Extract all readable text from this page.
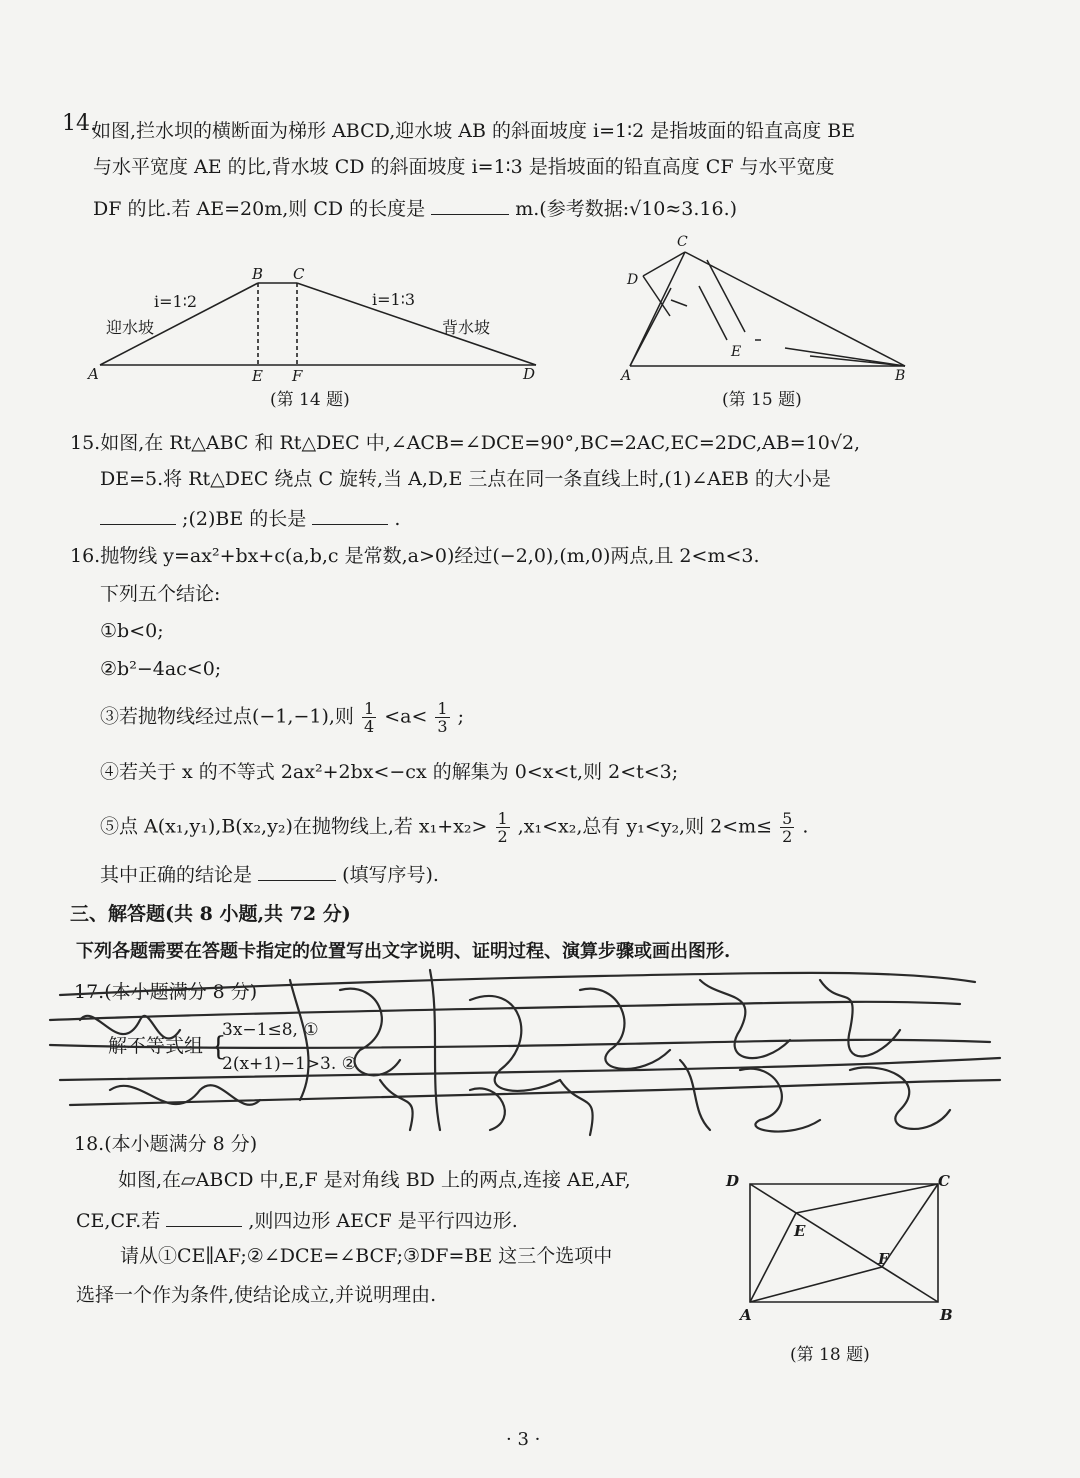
14.
如图,拦水坝的横断面为梯形 ABCD,迎水坡 AB 的斜面坡度 i=1∶2 是指坡面的铅直高度 BE
与水平宽度 AE 的比,背水坡 CD 的斜面坡度 i=1∶3 是指坡面的铅直高度 CF 与水平宽度
DF 的比.若 AE=20m,则 CD 的长度是	m.(参考数据:√10≈3.16.)
A
B C
D
E F
i=1∶2	i=1∶3
迎水坡	背水坡
(第 14 题)
A	B
C
D
E
(第 15 题)
15.如图,在 Rt△ABC 和 Rt△DEC 中,∠ACB=∠DCE=90°,BC=2AC,EC=2DC,AB=10√2,
DE=5.将 Rt△DEC 绕点 C 旋转,当 A,D,E 三点在同一条直线上时,(1)∠AEB 的大小是
;(2)BE 的长是	.
16.抛物线 y=ax²+bx+c(a,b,c 是常数,a>0)经过(−2,0),(m,0)两点,且 2<m<3.
下列五个结论:
①b<0;
②b²−4ac<0;
③若抛物线经过点(−1,−1),则 $\frac{1}{4} <a< \frac{1}{3}$ ;
④若关于 x 的不等式 2ax²+2bx<−cx 的解集为 0<x<t,则 2<t<3;
⑤点 A(x₁,y₁),B(x₂,y₂)在抛物线上,若 $x_1+x_2> \frac{1}{2} ,x_1<x_2$,总有 y₁<y₂,则 $2<m\le \frac{5}{2}$ .
其中正确的结论是	(填写序号).
三、解答题(共 8 小题,共 72 分)
下列各题需要在答题卡指定的位置写出文字说明、证明过程、演算步骤或画出图形.
17.(本小题满分 8 分)
解不等式组 {
3x−1≤8, ①
2(x+1)−1>3. ②
18.(本小题满分 8 分)
如图,在▱ABCD 中,E,F 是对角线 BD 上的两点,连接 AE,AF,
CE,CF.若	,则四边形 AECF 是平行四边形.
请从①CE∥AF;②∠DCE=∠BCF;③DF=BE 这三个选项中
选择一个作为条件,使结论成立,并说明理由.
D	C
A	B
E
F
(第 18 题)
· 3 ·
